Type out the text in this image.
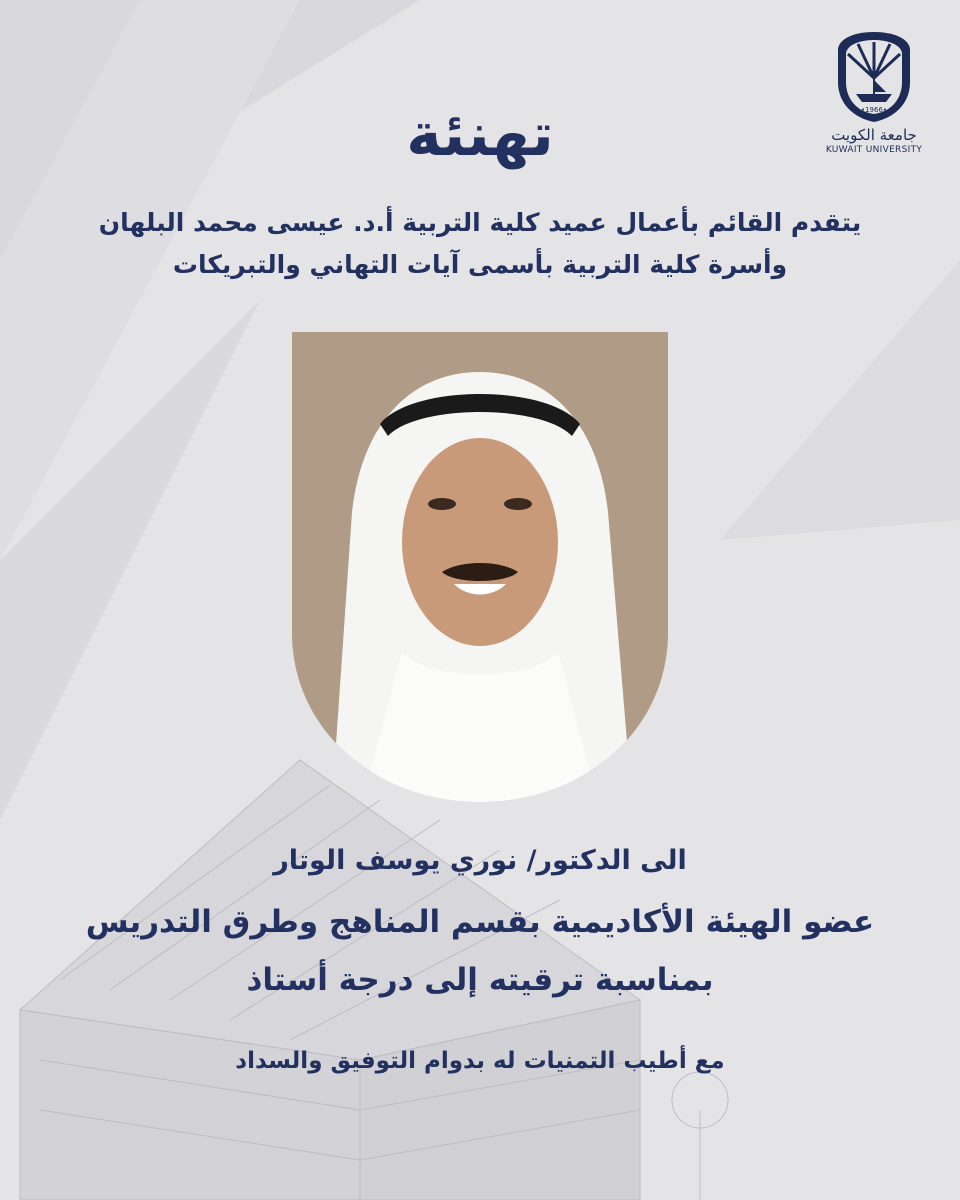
•1966•
جامعة الكويت
KUWAIT UNIVERSITY
تهنئة
يتقدم القائم بأعمال عميد كلية التربية أ.د. عيسى محمد البلهان
وأسرة كلية التربية بأسمى آيات التهاني والتبريكات
الى الدكتور/ نوري يوسف الوتار
عضو الهيئة الأكاديمية بقسم المناهج وطرق التدريس
بمناسبة ترقيته إلى درجة أستاذ
مع أطيب التمنيات له بدوام التوفيق والسداد
